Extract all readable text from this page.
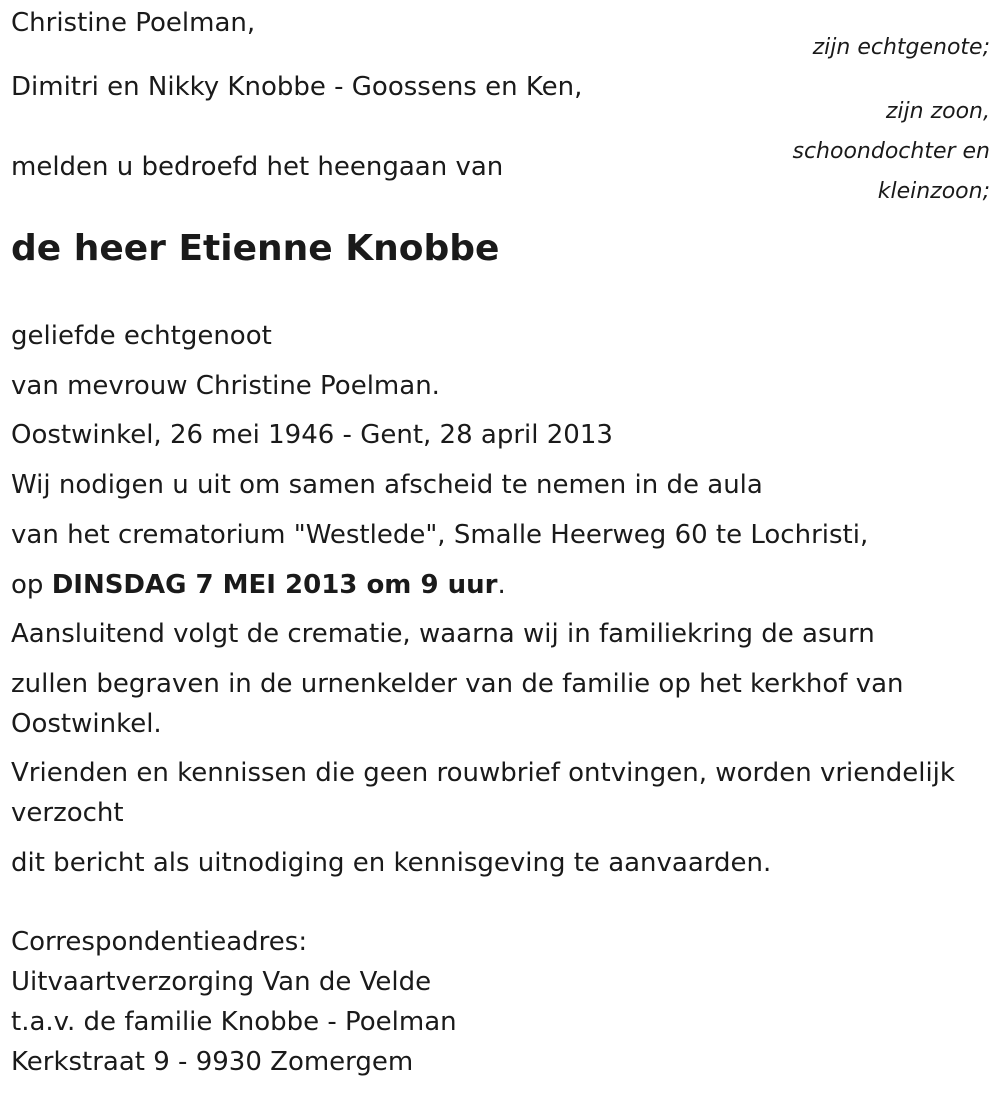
Christine Poelman,
zijn echtgenote;
Dimitri en Nikky Knobbe - Goossens en Ken,
zijn zoon,
schoondochter en
kleinzoon;
melden u bedroefd het heengaan van
de heer Etienne Knobbe
geliefde echtgenoot
van mevrouw Christine Poelman.
Oostwinkel, 26 mei 1946 - Gent, 28 april 2013
Wij nodigen u uit om samen afscheid te nemen in de aula
van het crematorium "Westlede", Smalle Heerweg 60 te Lochristi,
op DINSDAG 7 MEI 2013 om 9 uur.
Aansluitend volgt de crematie, waarna wij in familiekring de asurn
zullen begraven in de urnenkelder van de familie op het kerkhof van Oostwinkel.
Vrienden en kennissen die geen rouwbrief ontvingen, worden vriendelijk verzocht
dit bericht als uitnodiging en kennisgeving te aanvaarden.
Correspondentieadres:
Uitvaartverzorging Van de Velde
t.a.v. de familie Knobbe - Poelman
Kerkstraat 9 - 9930 Zomergem
